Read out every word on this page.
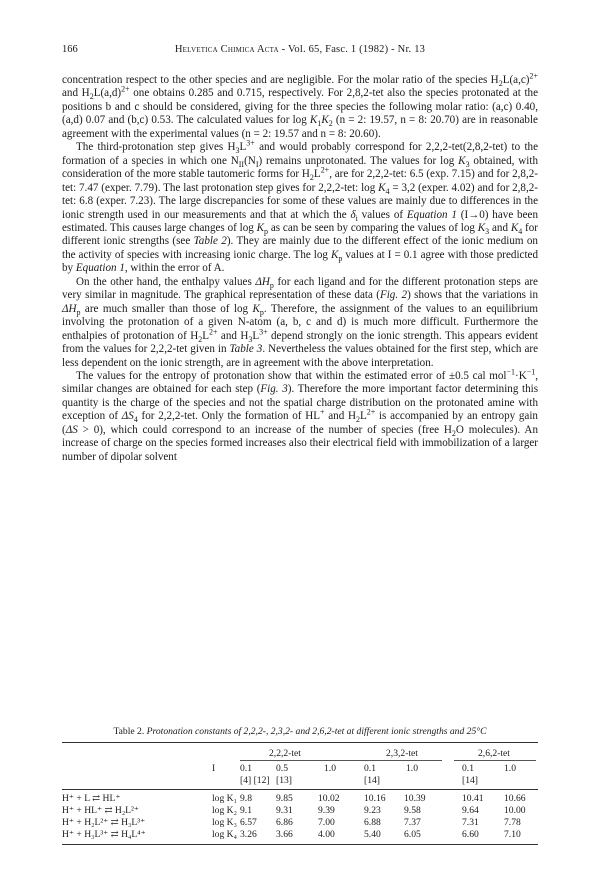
166	Helvetica Chimica Acta - Vol. 65, Fasc. 1 (1982) - Nr. 13

concentration respect to the other species and are negligible. For the molar ratio of the species $H_2L(a,c)^{2+}$ and $H_2L(a,d)^{2+}$ one obtains 0.285 and 0.715, respectively. For 2,8,2-tet also the species protonated at the positions b and c should be considered, giving for the three species the following molar ratio: (a,c) 0.40, (a,d) 0.07 and (b,c) 0.53. The calculated values for $\log K_1K_2$ (n = 2: 19.57, n = 8: 20.70) are in reasonable agreement with the experimental values (n = 2: 19.57 and n = 8: 20.60).

The third-protonation step gives $H_3L^{3+}$ and would probably correspond for 2,2,2-tet(2,8,2-tet) to the formation of a species in which one $N_{II}(N_I)$ remains unprotonated. The values for $\log K_3$ obtained, with consideration of the more stable tautomeric forms for $H_2L^{2+}$, are for 2,2,2-tet: 6.5 (exp. 7.15) and for 2,8,2-tet: 7.47 (exper. 7.79). The last protonation step gives for 2,2,2-tet: $\log K_4 = 3,2$ (exper. 4.02) and for 2,8,2-tet: 6.8 (exper. 7.23). The large discrepancies for some of these values are mainly due to differences in the ionic strength used in our measurements and that at which the $\delta_i$ values of Equation 1 (I→0) have been estimated. This causes large changes of $\log K_p$ as can be seen by comparing the values of $\log K_3$ and $K_4$ for different ionic strengths (see Table 2). They are mainly due to the different effect of the ionic medium on the activity of species with increasing ionic charge. The $\log K_p$ values at I = 0.1 agree with those predicted by Equation 1, within the error of A.

On the other hand, the enthalpy values $\Delta H_p$ for each ligand and for the different protonation steps are very similar in magnitude. The graphical representation of these data (Fig. 2) shows that the variations in $\Delta H_p$ are much smaller than those of $\log K_p$. Therefore, the assignment of the values to an equilibrium involving the protonation of a given N-atom (a, b, c and d) is much more difficult. Furthermore the enthalpies of protonation of $H_2L^{2+}$ and $H_3L^{3+}$ depend strongly on the ionic strength. This appears evident from the values for 2,2,2-tet given in Table 3. Nevertheless the values obtained for the first step, which are less dependent on the ionic strength, are in agreement with the above interpretation.

The values for the entropy of protonation show that within the estimated error of ±0.5 cal $mol^{-1}\cdot K^{-1}$, similar changes are obtained for each step (Fig. 3). Therefore the more important factor determining this quantity is the charge of the species and not the spatial charge distribution on the protonated amine with exception of $\Delta S_4$ for 2,2,2-tet. Only the formation of HL+ and $H_2L^{2+}$ is accompanied by an entropy gain (ΔS > 0), which could correspond to an increase of the number of species (free $H_2O$ molecules). An increase of charge on the species formed increases also their electrical field with immobilization of a larger number of dipolar solvent

Table 2. Protonation constants of 2,2,2-, 2,3,2- and 2,6,2-tet at different ionic strengths and 25°C
2,2,2-tet	2,3,2-tet	2,6,2-tet
I	0.1	0.5	1.0	0.1	1.0	0.1	1.0
[4] [12] [13]	[14]	[14]
H⁺ + L ⇄ HL⁺	log K₁ 9.8	9.85	10.02	10.16 10.39	10.41 10.66
H⁺ + HL⁺ ⇄ H₂L²⁺	log K₂ 9.1	9.31	9.39	9.23 9.58	9.64	10.00
H⁺ + H₂L²⁺ ⇄ H₃L³⁺	log K₃ 6.57 6.86	7.00	6.88 7.37	7.31	7.78
H⁺ + H₃L³⁺ ⇄ H₄L⁴⁺	log K₄ 3.26 3.66	4.00	5.40 6.05	6.60	7.10
